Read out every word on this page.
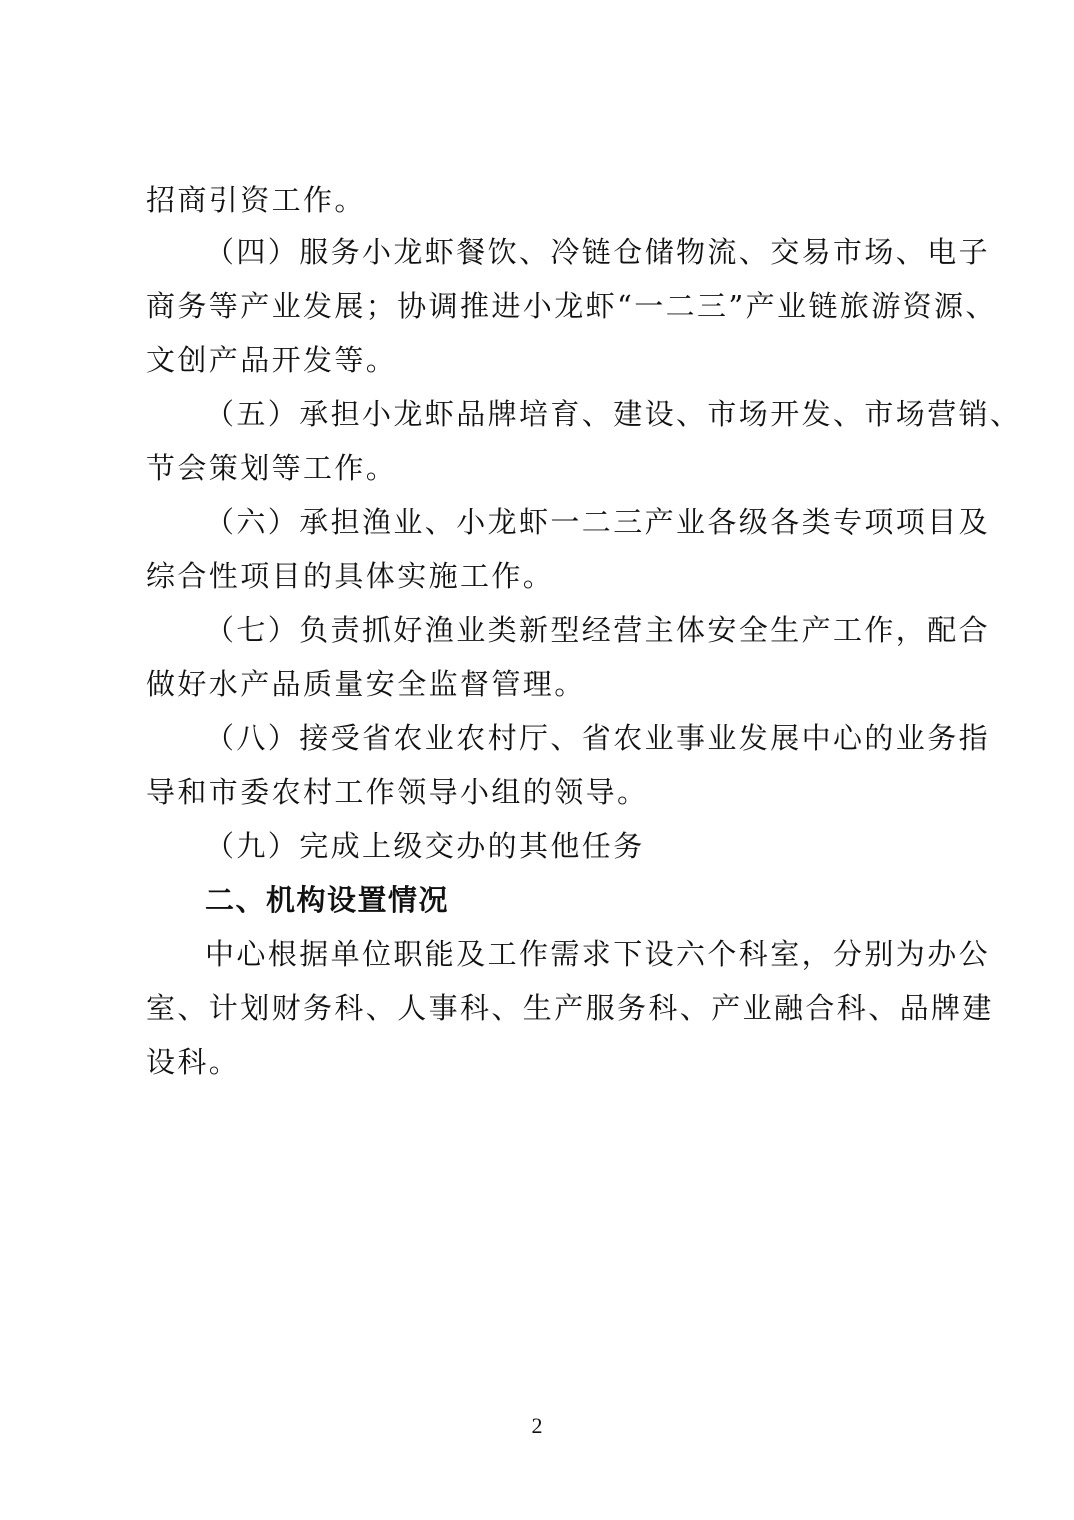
招商引资工作。
（四）服务小龙虾餐饮、冷链仓储物流、交易市场、电子
商务等产业发展；协调推进小龙虾“一二三”产业链旅游资源、
文创产品开发等。
（五）承担小龙虾品牌培育、建设、市场开发、市场营销、
节会策划等工作。
（六）承担渔业、小龙虾一二三产业各级各类专项项目及
综合性项目的具体实施工作。
（七）负责抓好渔业类新型经营主体安全生产工作，配合
做好水产品质量安全监督管理。
（八）接受省农业农村厅、省农业事业发展中心的业务指
导和市委农村工作领导小组的领导。
（九）完成上级交办的其他任务
二、机构设置情况
中心根据单位职能及工作需求下设六个科室，分别为办公
室、计划财务科、人事科、生产服务科、产业融合科、品牌建
设科。
2
